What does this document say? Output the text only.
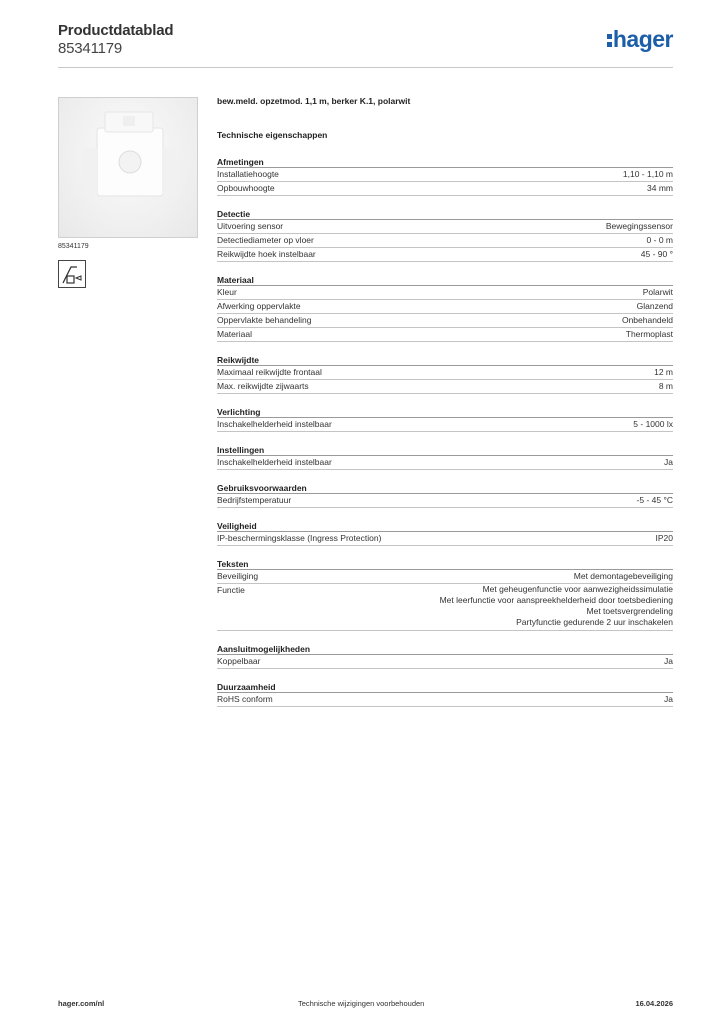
Productdatablad
85341179	hager
85341179
bew.meld. opzetmod. 1,1 m, berker K.1, polarwit
Technische eigenschappen
Afmetingen
Installatiehoogte	1,10 - 1,10 m
Opbouwhoogte	34 mm
Detectie
Uitvoering sensor	Bewegingssensor
Detectiediameter op vloer	0 - 0 m
Reikwijdte hoek instelbaar	45 - 90 °
Materiaal
Kleur	Polarwit
Afwerking oppervlakte	Glanzend
Oppervlakte behandeling	Onbehandeld
Materiaal	Thermoplast
Reikwijdte
Maximaal reikwijdte frontaal	12 m
Max. reikwijdte zijwaarts	8 m
Verlichting
Inschakelhelderheid instelbaar	5 - 1000 lx
Instellingen
Inschakelhelderheid instelbaar	Ja
Gebruiksvoorwaarden
Bedrijfstemperatuur	-5 - 45 °C
Veiligheid
IP-beschermingsklasse (Ingress Protection)	IP20
Teksten
Beveiliging	Met demontagebeveiliging
Functie	Met geheugenfunctie voor aanwezigheidssimulatie
Met leerfunctie voor aanspreekhelderheid door toetsbediening
Met toetsvergrendeling
Partyfunctie gedurende 2 uur inschakelen
Aansluitmogelijkheden
Koppelbaar	Ja
Duurzaamheid
RoHS conform	Ja
hager.com/nl	Technische wijzigingen voorbehouden	16.04.2026
